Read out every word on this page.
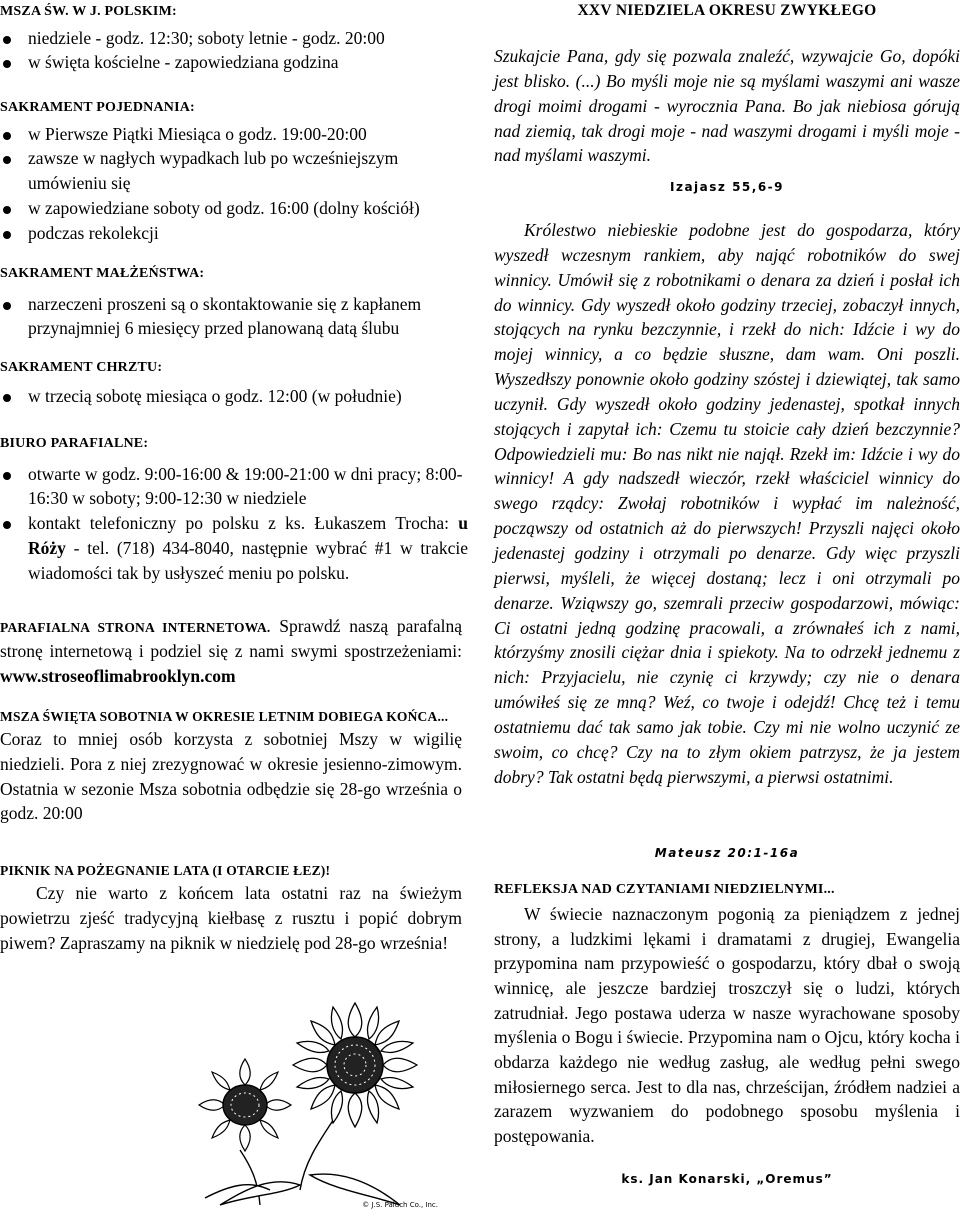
MSZA ŚW. W J. POLSKIM:
niedziele - godz. 12:30; soboty letnie - godz. 20:00
w święta kościelne - zapowiedziana godzina
SAKRAMENT POJEDNANIA:
w Pierwsze Piątki Miesiąca o godz. 19:00-20:00
zawsze w nagłych wypadkach lub po wcześniejszym umówieniu się
w zapowiedziane soboty od godz. 16:00 (dolny kościół)
podczas rekolekcji
SAKRAMENT MAŁŻEŃSTWA:
narzeczeni proszeni są o skontaktowanie się z kapłanem przynajmniej 6 miesięcy przed planowaną datą ślubu
SAKRAMENT CHRZTU:
w trzecią sobotę miesiąca o godz. 12:00 (w południe)
BIURO PARAFIALNE:
otwarte w godz. 9:00-16:00 & 19:00-21:00 w dni pracy; 8:00-16:30 w soboty; 9:00-12:30 w niedziele
kontakt telefoniczny po polsku z ks. Łukaszem Trocha: u Róży - tel. (718) 434-8040, następnie wybrać #1 w trakcie wiadomości tak by usłyszeć meniu po polsku.

PARAFIALNA STRONA INTERNETOWA. Sprawdź naszą parafalną stronę internetową i podziel się z nami swymi spostrzeżeniami: www.stroseoflimabrooklyn.com

MSZA ŚWIĘTA SOBOTNIA W OKRESIE LETNIM DOBIEGA KOŃCA...

Coraz to mniej osób korzysta z sobotniej Mszy w wigilię niedzieli. Pora z niej zrezygnować w okresie jesienno-zimowym. Ostatnia w sezonie Msza sobotnia odbędzie się 28-go września o godz. 20:00

PIKNIK NA POŻEGNANIE LATA (I OTARCIE ŁEZ)!

Czy nie warto z końcem lata ostatni raz na świeżym powietrzu zjeść tradycyjną kiełbasę z rusztu i popić dobrym piwem? Zapraszamy na piknik w niedzielę pod 28-go września!

© J.S. Paluch Co., Inc.
XXV NIEDZIELA OKRESU ZWYKŁEGO

Szukajcie Pana, gdy się pozwala znaleźć, wzywajcie Go, dopóki jest blisko. (...) Bo myśli moje nie są myślami waszymi ani wasze drogi moimi drogami - wyrocznia Pana. Bo jak niebiosa górują nad ziemią, tak drogi moje - nad waszymi drogami i myśli moje - nad myślami waszymi.

Izajasz 55,6-9

Królestwo niebieskie podobne jest do gospodarza, który wyszedł wczesnym rankiem, aby nająć robotników do swej winnicy. Umówił się z robotnikami o denara za dzień i posłał ich do winnicy. Gdy wyszedł około godziny trzeciej, zobaczył innych, stojących na rynku bezczynnie, i rzekł do nich: Idźcie i wy do mojej winnicy, a co będzie słuszne, dam wam. Oni poszli. Wyszedłszy ponownie około godziny szóstej i dziewiątej, tak samo uczynił. Gdy wyszedł około godziny jedenastej, spotkał innych stojących i zapytał ich: Czemu tu stoicie cały dzień bezczynnie? Odpowiedzieli mu: Bo nas nikt nie najął. Rzekł im: Idźcie i wy do winnicy! A gdy nadszedł wieczór, rzekł właściciel winnicy do swego rządcy: Zwołaj robotników i wypłać im należność, począwszy od ostatnich aż do pierwszych! Przyszli najęci około jedenastej godziny i otrzymali po denarze. Gdy więc przyszli pierwsi, myśleli, że więcej dostaną; lecz i oni otrzymali po denarze. Wziąwszy go, szemrali przeciw gospodarzowi, mówiąc: Ci ostatni jedną godzinę pracowali, a zrównałeś ich z nami, którzyśmy znosili ciężar dnia i spiekoty. Na to odrzekł jednemu z nich: Przyjacielu, nie czynię ci krzywdy; czy nie o denara umówiłeś się ze mną? Weź, co twoje i odejdź! Chcę też i temu ostatniemu dać tak samo jak tobie. Czy mi nie wolno uczynić ze swoim, co chcę? Czy na to złym okiem patrzysz, że ja jestem dobry? Tak ostatni będą pierwszymi, a pierwsi ostatnimi.

Mateusz 20:1-16a

REFLEKSJA NAD CZYTANIAMI NIEDZIELNYMI...

W świecie naznaczonym pogonią za pieniądzem z jednej strony, a ludzkimi lękami i dramatami z drugiej, Ewangelia przypomina nam przypowieść o gospodarzu, który dbał o swoją winnicę, ale jeszcze bardziej troszczył się o ludzi, których zatrudniał. Jego postawa uderza w nasze wyrachowane sposoby myślenia o Bogu i świecie. Przypomina nam o Ojcu, który kocha i obdarza każdego nie według zasług, ale według pełni swego miłosiernego serca. Jest to dla nas, chrześcijan, źródłem nadziei a zarazem wyzwaniem do podobnego sposobu myślenia i postępowania.

ks. Jan Konarski, „Oremus”
